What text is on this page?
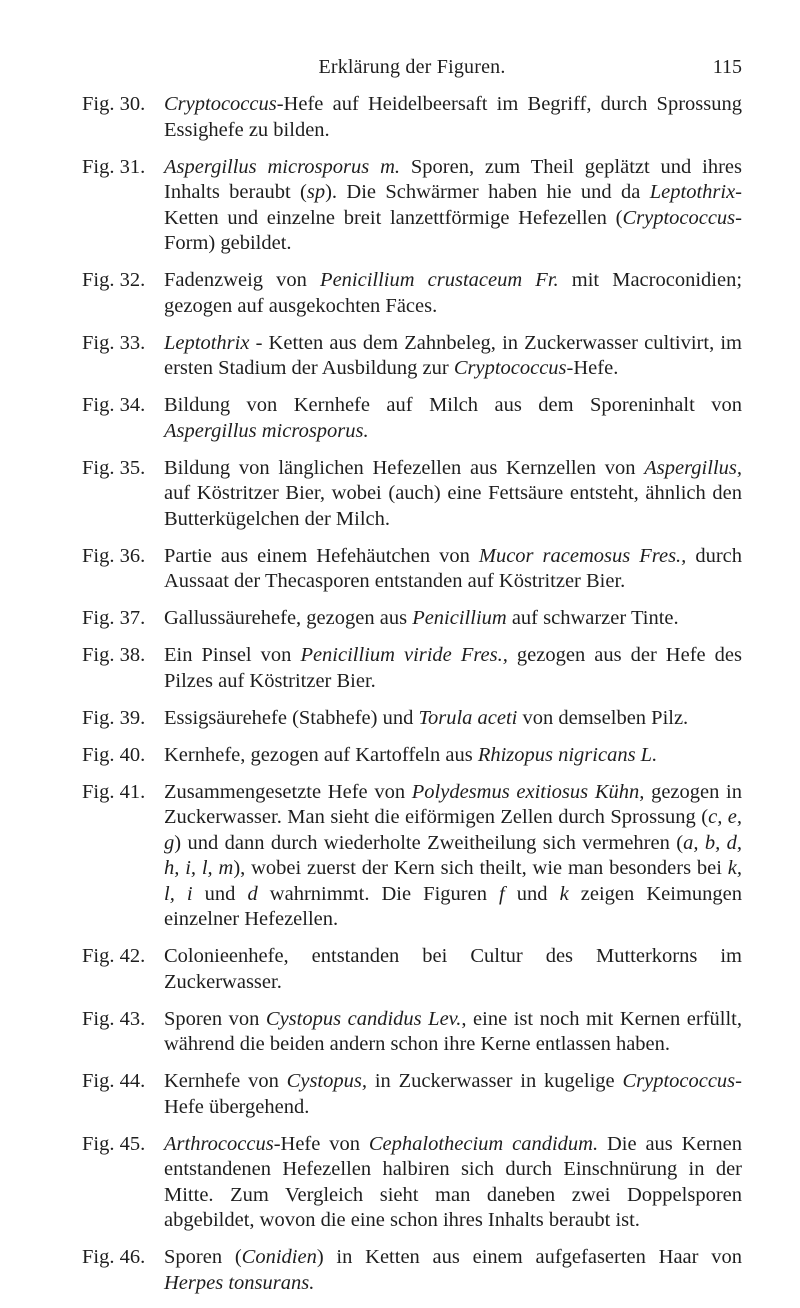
Erklärung der Figuren.	115
Fig. 30. Cryptococcus-Hefe auf Heidelbeersaft im Begriff, durch Sprossung Essighefe zu bilden.
Fig. 31. Aspergillus microsporus m. Sporen, zum Theil geplätzt und ihres Inhalts beraubt (sp). Die Schwärmer haben hie und da Leptothrix-Ketten und einzelne breit lanzettförmige Hefezellen (Cryptococcus-Form) gebildet.
Fig. 32. Fadenzweig von Penicillium crustaceum Fr. mit Macroconidien; gezogen auf ausgekochten Fäces.
Fig. 33. Leptothrix - Ketten aus dem Zahnbeleg, in Zuckerwasser cultivirt, im ersten Stadium der Ausbildung zur Cryptococcus-Hefe.
Fig. 34. Bildung von Kernhefe auf Milch aus dem Sporeninhalt von Aspergillus microsporus.
Fig. 35. Bildung von länglichen Hefezellen aus Kernzellen von Aspergillus, auf Köstritzer Bier, wobei (auch) eine Fettsäure entsteht, ähnlich den Butterkügelchen der Milch.
Fig. 36. Partie aus einem Hefehäutchen von Mucor racemosus Fres., durch Aussaat der Thecasporen entstanden auf Köstritzer Bier.
Fig. 37. Gallussäurehefe, gezogen aus Penicillium auf schwarzer Tinte.
Fig. 38. Ein Pinsel von Penicillium viride Fres., gezogen aus der Hefe des Pilzes auf Köstritzer Bier.
Fig. 39. Essigsäurehefe (Stabhefe) und Torula aceti von demselben Pilz.
Fig. 40. Kernhefe, gezogen auf Kartoffeln aus Rhizopus nigricans L.
Fig. 41. Zusammengesetzte Hefe von Polydesmus exitiosus Kühn, gezogen in Zuckerwasser. Man sieht die eiförmigen Zellen durch Sprossung (c, e, g) und dann durch wiederholte Zweitheilung sich vermehren (a, b, d, h, i, l, m), wobei zuerst der Kern sich theilt, wie man besonders bei k, l, i und d wahrnimmt. Die Figuren f und k zeigen Keimungen einzelner Hefezellen.
Fig. 42. Colonieenhefe, entstanden bei Cultur des Mutterkorns im Zuckerwasser.
Fig. 43. Sporen von Cystopus candidus Lev., eine ist noch mit Kernen erfüllt, während die beiden andern schon ihre Kerne entlassen haben.
Fig. 44. Kernhefe von Cystopus, in Zuckerwasser in kugelige Cryptococcus-Hefe übergehend.
Fig. 45. Arthrococcus-Hefe von Cephalothecium candidum. Die aus Kernen entstandenen Hefezellen halbiren sich durch Einschnürung in der Mitte. Zum Vergleich sieht man daneben zwei Doppelsporen abgebildet, wovon die eine schon ihres Inhalts beraubt ist.
Fig. 46. Sporen (Conidien) in Ketten aus einem aufgefaserten Haar von Herpes tonsurans.
